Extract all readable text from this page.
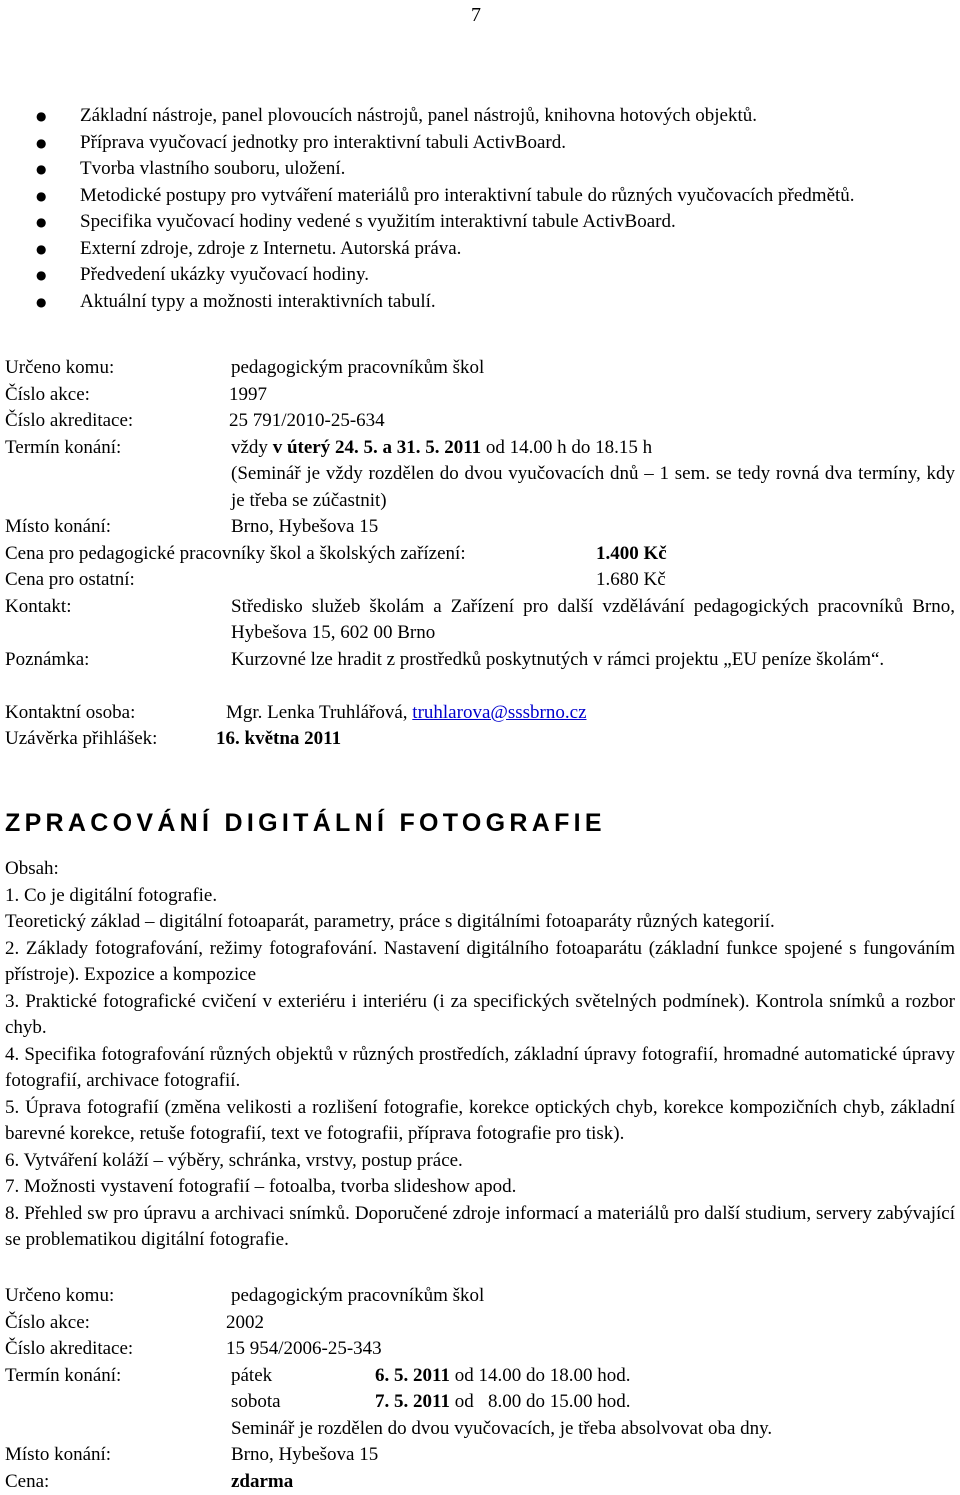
7
● Základní nástroje, panel plovoucích nástrojů, panel nástrojů, knihovna hotových objektů.
● Příprava vyučovací jednotky pro interaktivní tabuli ActivBoard.
● Tvorba vlastního souboru, uložení.
● Metodické postupy pro vytváření materiálů pro interaktivní tabule do různých vyučovacích předmětů.
● Specifika vyučovací hodiny vedené s využitím interaktivní tabule ActivBoard.
● Externí zdroje, zdroje z Internetu. Autorská práva.
● Předvedení ukázky vyučovací hodiny.
● Aktuální typy a možnosti interaktivních tabulí.
Určeno komu:	pedagogickým pracovníkům škol
Číslo akce:	1997
Číslo akreditace:	25 791/2010-25-634
Termín konání:	vždy v úterý 24. 5. a 31. 5. 2011 od 14.00 h do 18.15 h
(Seminář je vždy rozdělen do dvou vyučovacích dnů – 1 sem. se tedy rovná dva termíny, kdy je třeba se zúčastnit)
Místo konání:	Brno, Hybešova 15
Cena pro pedagogické pracovníky škol a školských zařízení:	1.400 Kč
Cena pro ostatní:	1.680 Kč
Kontakt:	Středisko služeb školám a Zařízení pro další vzdělávání pedagogických pracovníků Brno, Hybešova 15, 602 00 Brno
Poznámka:	Kurzovné lze hradit z prostředků poskytnutých v rámci projektu „EU peníze školám“.
Kontaktní osoba:	Mgr. Lenka Truhlářová, truhlarova@sssbrno.cz
Uzávěrka přihlášek:	16. května 2011
ZPRACOVÁNÍ DIGITÁLNÍ FOTOGRAFIE

Obsah:

1. Co je digitální fotografie.

Teoretický základ – digitální fotoaparát, parametry, práce s digitálními fotoaparáty různých kategorií.

2. Základy fotografování, režimy fotografování. Nastavení digitálního fotoaparátu (základní funkce spojené s fungováním přístroje). Expozice a kompozice

3. Praktické fotografické cvičení v exteriéru i interiéru (i za specifických světelných podmínek). Kontrola snímků a rozbor chyb.

4. Specifika fotografování různých objektů v různých prostředích, základní úpravy fotografií, hromadné automatické úpravy fotografií, archivace fotografií.

5. Úprava fotografií (změna velikosti a rozlišení fotografie, korekce optických chyb, korekce kompozičních chyb, základní barevné korekce, retuše fotografií, text ve fotografii, příprava fotografie pro tisk).

6. Vytváření koláží – výběry, schránka, vrstvy, postup práce.

7. Možnosti vystavení fotografií – fotoalba, tvorba slideshow apod.

8. Přehled sw pro úpravu a archivaci snímků. Doporučené zdroje informací a materiálů pro další studium, servery zabývající se problematikou digitální fotografie.

Určeno komu:	pedagogickým pracovníkům škol
Číslo akce:	2002
Číslo akreditace:	15 954/2006-25-343
Termín konání:	pátek	6. 5. 2011 od 14.00 do 18.00 hod.
sobota	7. 5. 2011 od   8.00 do 15.00 hod.
Seminář je rozdělen do dvou vyučovacích, je třeba absolvovat oba dny.
Místo konání:	Brno, Hybešova 15
Cena:	zdarma
